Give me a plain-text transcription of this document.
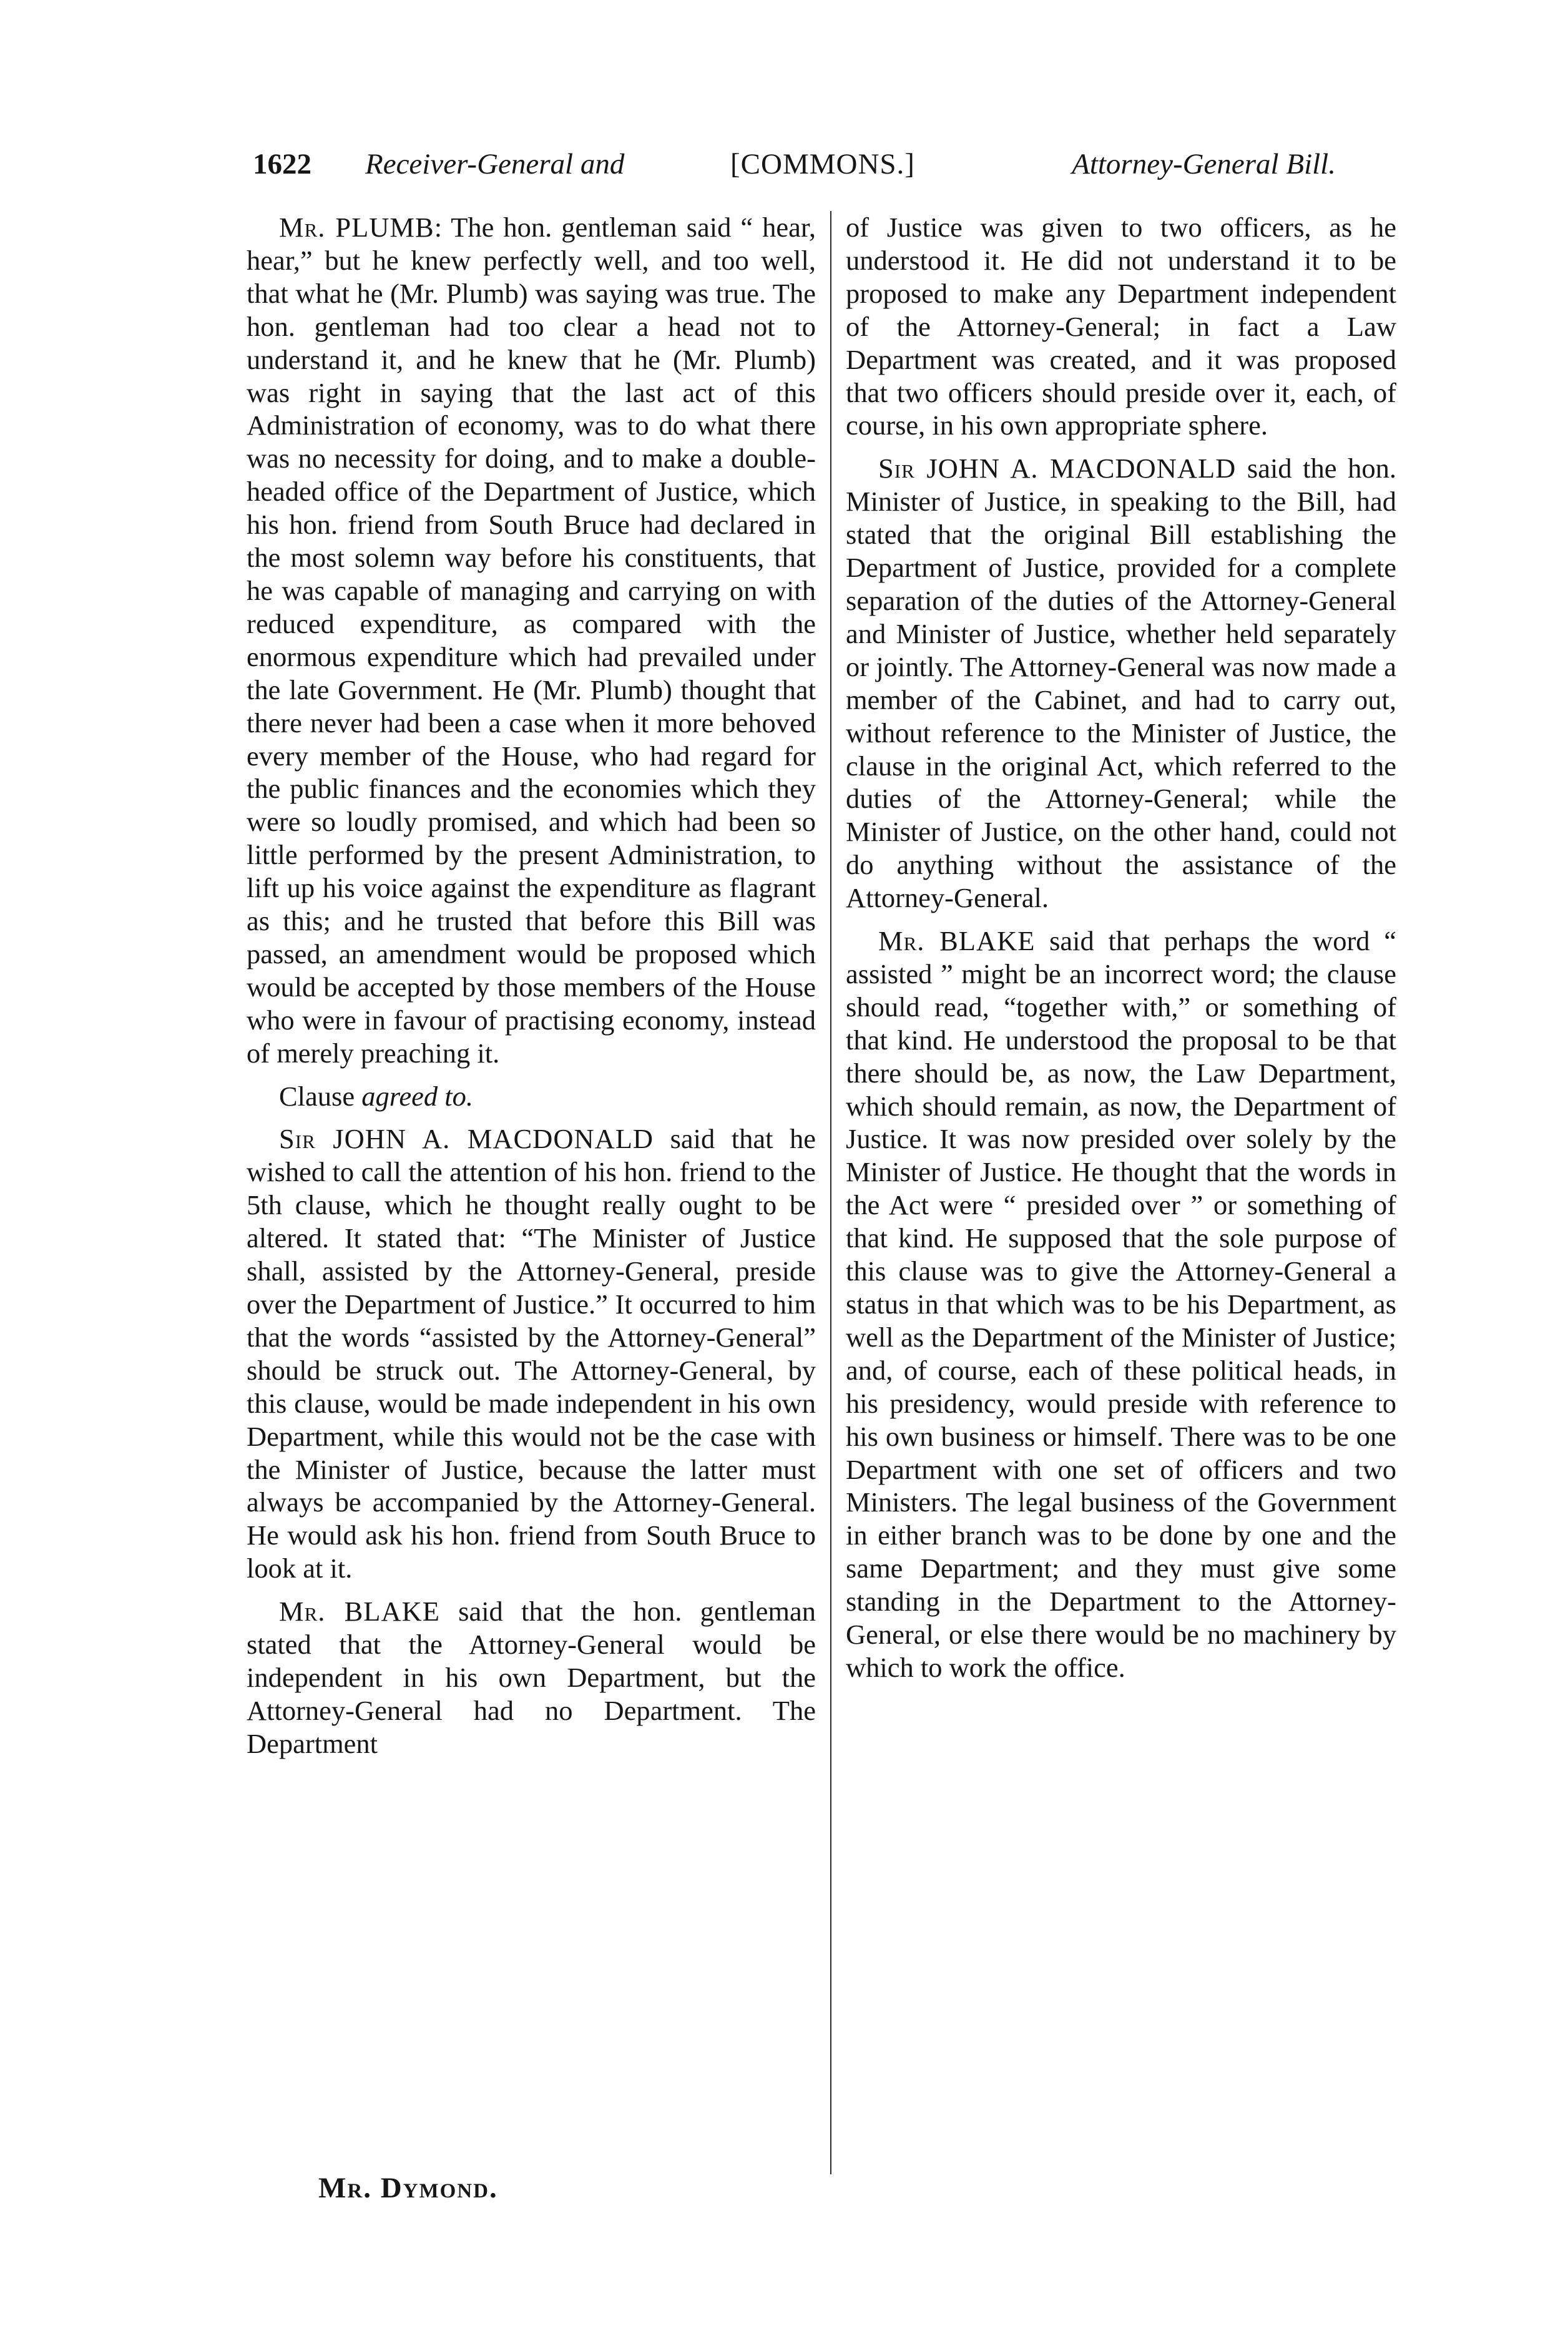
1622 Receiver-General and	[COMMONS.]	Attorney-General Bill.

Mr. PLUMB: The hon. gentleman said “ hear, hear,” but he knew perfectly well, and too well, that what he (Mr. Plumb) was saying was true. The hon. gentleman had too clear a head not to understand it, and he knew that he (Mr. Plumb) was right in saying that the last act of this Administration of economy, was to do what there was no necessity for doing, and to make a double-headed office of the Department of Justice, which his hon. friend from South Bruce had declared in the most solemn way before his constituents, that he was capable of managing and carrying on with reduced expenditure, as compared with the enormous expenditure which had prevailed under the late Government. He (Mr. Plumb) thought that there never had been a case when it more behoved every member of the House, who had regard for the public finances and the economies which they were so loudly promised, and which had been so little performed by the present Administration, to lift up his voice against the expenditure as flagrant as this; and he trusted that before this Bill was passed, an amendment would be proposed which would be accepted by those members of the House who were in favour of practising economy, instead of merely preaching it.

Clause agreed to.

Sir JOHN A. MACDONALD said that he wished to call the attention of his hon. friend to the 5th clause, which he thought really ought to be altered. It stated that: “The Minister of Justice shall, assisted by the Attorney-General, preside over the Department of Justice.” It occurred to him that the words “assisted by the Attorney-General” should be struck out. The Attorney-General, by this clause, would be made independent in his own Department, while this would not be the case with the Minister of Justice, because the latter must always be accompanied by the Attorney-General. He would ask his hon. friend from South Bruce to look at it.

Mr. BLAKE said that the hon. gentleman stated that the Attorney-General would be independent in his own Department, but the Attorney-General had no Department. The Department

of Justice was given to two officers, as he understood it. He did not understand it to be proposed to make any Department independent of the Attorney-General; in fact a Law Department was created, and it was proposed that two officers should preside over it, each, of course, in his own appropriate sphere.

Sir JOHN A. MACDONALD said the hon. Minister of Justice, in speaking to the Bill, had stated that the original Bill establishing the Department of Justice, provided for a complete separation of the duties of the Attorney-General and Minister of Justice, whether held separately or jointly. The Attorney-General was now made a member of the Cabinet, and had to carry out, without reference to the Minister of Justice, the clause in the original Act, which referred to the duties of the Attorney-General; while the Minister of Justice, on the other hand, could not do anything without the assistance of the Attorney-General.

Mr. BLAKE said that perhaps the word “ assisted ” might be an incorrect word; the clause should read, “together with,” or something of that kind. He understood the proposal to be that there should be, as now, the Law Department, which should remain, as now, the Department of Justice. It was now presided over solely by the Minister of Justice. He thought that the words in the Act were “ presided over ” or something of that kind. He supposed that the sole purpose of this clause was to give the Attorney-General a status in that which was to be his Department, as well as the Department of the Minister of Justice; and, of course, each of these political heads, in his presidency, would preside with reference to his own business or himself. There was to be one Department with one set of officers and two Ministers. The legal business of the Government in either branch was to be done by one and the same Department; and they must give some standing in the Department to the Attorney-General, or else there would be no machinery by which to work the office.

Mr. Dymond.
